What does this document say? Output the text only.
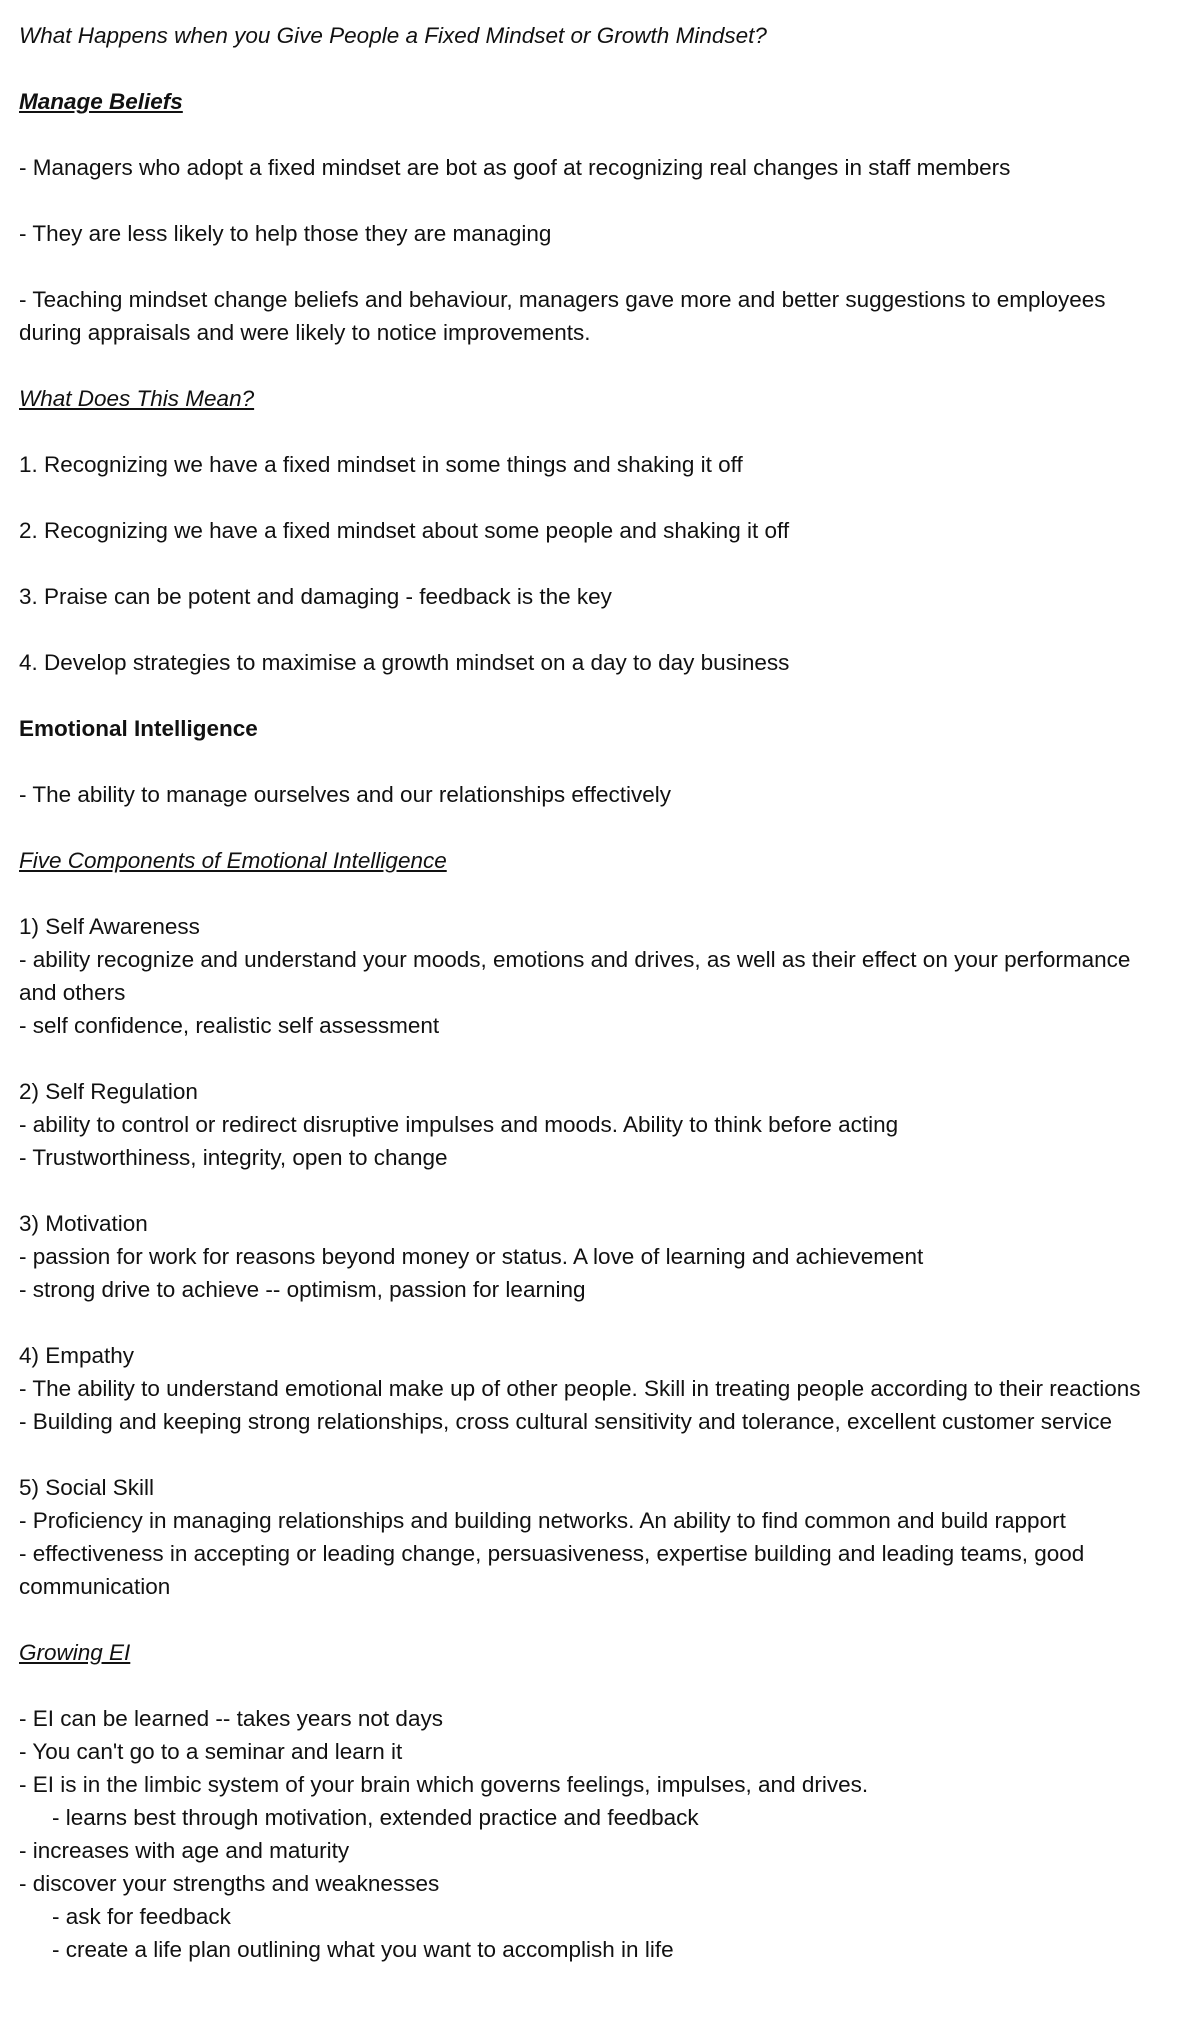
What Happens when you Give People a Fixed Mindset or Growth Mindset?
Manage Beliefs
- Managers who adopt a fixed mindset are bot as goof at recognizing real changes in staff members
- They are less likely to help those they are managing
- Teaching mindset change beliefs and behaviour, managers gave more and better suggestions to employees
during appraisals and were likely to notice improvements.
What Does This Mean?
1. Recognizing we have a fixed mindset in some things and shaking it off
2. Recognizing we have a fixed mindset about some people and shaking it off
3. Praise can be potent and damaging - feedback is the key
4. Develop strategies to maximise a growth mindset on a day to day business
Emotional Intelligence
- The ability to manage ourselves and our relationships effectively
Five Components of Emotional Intelligence
1) Self Awareness
- ability recognize and understand your moods, emotions and drives, as well as their effect on your performance
and others
- self confidence, realistic self assessment
2) Self Regulation
- ability to control or redirect disruptive impulses and moods. Ability to think before acting
- Trustworthiness, integrity, open to change
3) Motivation
- passion for work for reasons beyond money or status. A love of learning and achievement
- strong drive to achieve -- optimism, passion for learning
4) Empathy
- The ability to understand emotional make up of other people. Skill in treating people according to their reactions
- Building and keeping strong relationships, cross cultural sensitivity and tolerance, excellent customer service
5) Social Skill
- Proficiency in managing relationships and building networks. An ability to find common and build rapport
- effectiveness in accepting or leading change, persuasiveness, expertise building and leading teams, good
communication
Growing EI
- EI can be learned -- takes years not days
- You can't go to a seminar and learn it
- EI is in the limbic system of your brain which governs feelings, impulses, and drives.
- learns best through motivation, extended practice and feedback
- increases with age and maturity
- discover your strengths and weaknesses
- ask for feedback
- create a life plan outlining what you want to accomplish in life
